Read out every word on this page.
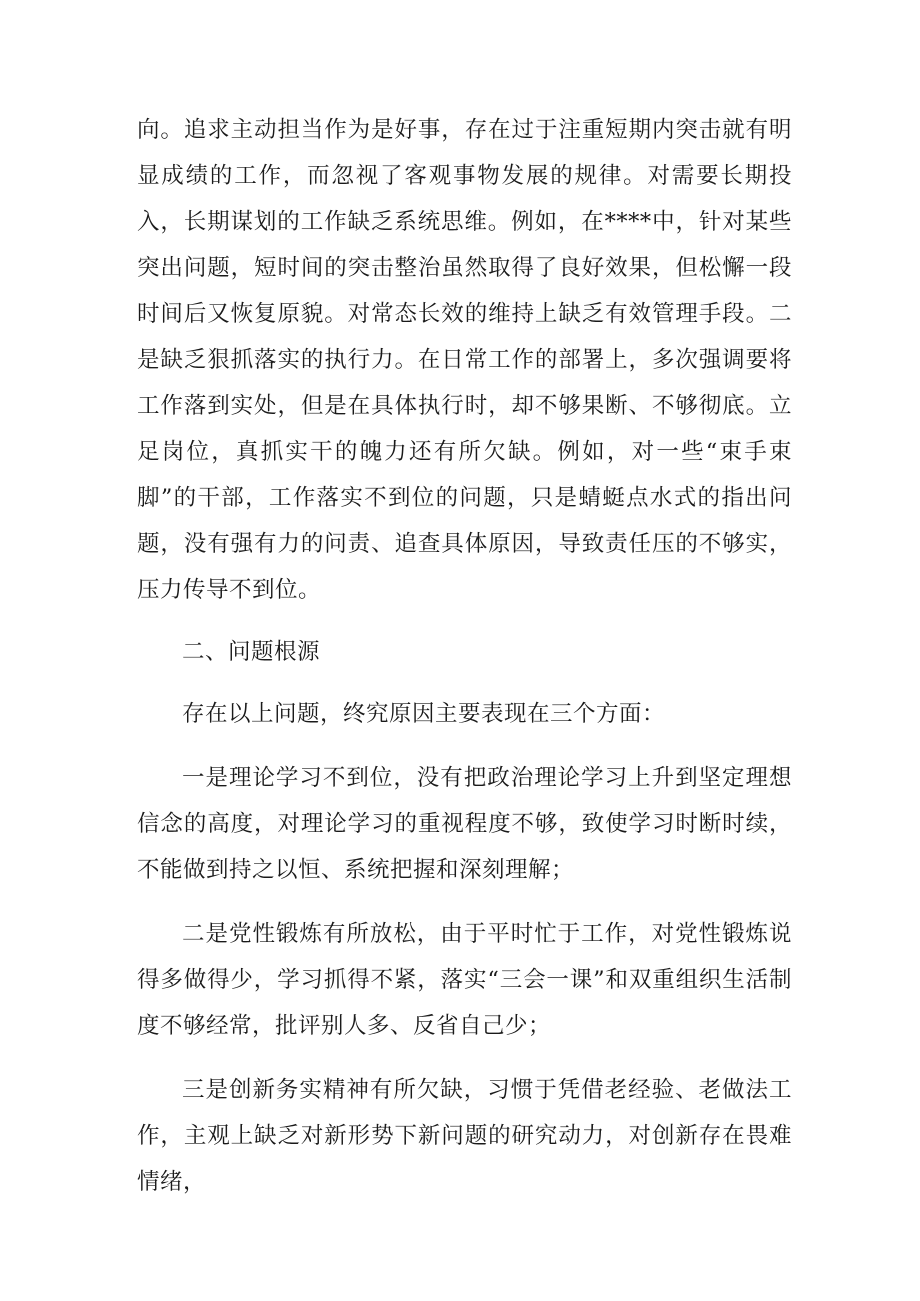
向。追求主动担当作为是好事，存在过于注重短期内突击就有明显成绩的工作，而忽视了客观事物发展的规律。对需要长期投入，长期谋划的工作缺乏系统思维。例如，在****中，针对某些突出问题，短时间的突击整治虽然取得了良好效果，但松懈一段时间后又恢复原貌。对常态长效的维持上缺乏有效管理手段。二是缺乏狠抓落实的执行力。在日常工作的部署上，多次强调要将工作落到实处，但是在具体执行时，却不够果断、不够彻底。立足岗位，真抓实干的魄力还有所欠缺。例如，对一些“束手束脚”的干部，工作落实不到位的问题，只是蜻蜓点水式的指出问题，没有强有力的问责、追查具体原因，导致责任压的不够实，压力传导不到位。

二、问题根源

存在以上问题，终究原因主要表现在三个方面：

一是理论学习不到位，没有把政治理论学习上升到坚定理想信念的高度，对理论学习的重视程度不够，致使学习时断时续，不能做到持之以恒、系统把握和深刻理解；

二是党性锻炼有所放松，由于平时忙于工作，对党性锻炼说得多做得少，学习抓得不紧，落实“三会一课”和双重组织生活制度不够经常，批评别人多、反省自己少；

三是创新务实精神有所欠缺，习惯于凭借老经验、老做法工作，主观上缺乏对新形势下新问题的研究动力，对创新存在畏难情绪，
